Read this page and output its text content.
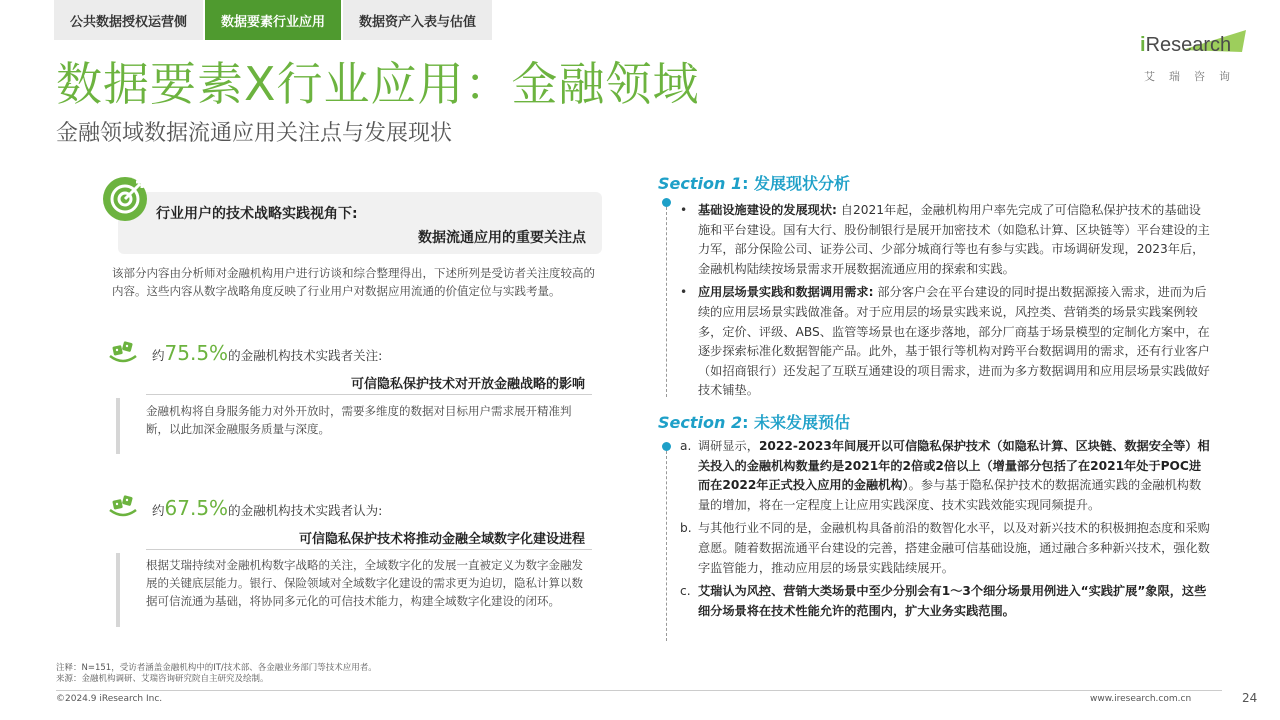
公共数据授权运营侧	数据要素行业应用	数据资产入表与估值
iResearch
艾瑞咨询
数据要素X行业应用：金融领域
金融领域数据流通应用关注点与发展现状
行业用户的技术战略实践视角下:
数据流通应用的重要关注点
该部分内容由分析师对金融机构用户进行访谈和综合整理得出，下述所列是受访者关注度较高的内容。这些内容从数字战略角度反映了行业用户对数据应用流通的价值定位与实践考量。
约75.5%的金融机构技术实践者关注:
可信隐私保护技术对开放金融战略的影响
金融机构将自身服务能力对外开放时，需要多维度的数据对目标用户需求展开精准判断，以此加深金融服务质量与深度。
约67.5%的金融机构技术实践者认为:
可信隐私保护技术将推动金融全域数字化建设进程
根据艾瑞持续对金融机构数字战略的关注，全域数字化的发展一直被定义为数字金融发展的关键底层能力。银行、保险领域对全域数字化建设的需求更为迫切，隐私计算以数据可信流通为基础，将协同多元化的可信技术能力，构建全域数字化建设的闭环。
Section 1: 发展现状分析
• 基础设施建设的发展现状: 自2021年起，金融机构用户率先完成了可信隐私保护技术的基础设施和平台建设。国有大行、股份制银行是展开加密技术（如隐私计算、区块链等）平台建设的主力军，部分保险公司、证券公司、少部分城商行等也有参与实践。市场调研发现，2023年后，金融机构陆续按场景需求开展数据流通应用的探索和实践。
• 应用层场景实践和数据调用需求: 部分客户会在平台建设的同时提出数据源接入需求，进而为后续的应用层场景实践做准备。对于应用层的场景实践来说，风控类、营销类的场景实践案例较多，定价、评级、ABS、监管等场景也在逐步落地，部分厂商基于场景模型的定制化方案中，在逐步探索标准化数据智能产品。此外，基于银行等机构对跨平台数据调用的需求，还有行业客户（如招商银行）还发起了互联互通建设的项目需求，进而为多方数据调用和应用层场景实践做好技术铺垫。
Section 2: 未来发展预估
a. 调研显示，2022-2023年间展开以可信隐私保护技术（如隐私计算、区块链、数据安全等）相关投入的金融机构数量约是2021年的2倍或2倍以上（增量部分包括了在2021年处于POC进而在2022年正式投入应用的金融机构）。参与基于隐私保护技术的数据流通实践的金融机构数量的增加，将在一定程度上让应用实践深度、技术实践效能实现同频提升。
b. 与其他行业不同的是，金融机构具备前沿的数智化水平，以及对新兴技术的积极拥抱态度和采购意愿。随着数据流通平台建设的完善，搭建金融可信基础设施，通过融合多种新兴技术，强化数字监管能力，推动应用层的场景实践陆续展开。
c. 艾瑞认为风控、营销大类场景中至少分别会有1～3个细分场景用例进入“实践扩展”象限，这些细分场景将在技术性能允许的范围内，扩大业务实践范围。
注释：N=151，受访者涵盖金融机构中的IT/技术部、各金融业务部门等技术应用者。
来源：金融机构调研、艾瑞咨询研究院自主研究及绘制。
©2024.9 iResearch Inc.	www.iresearch.com.cn	24
